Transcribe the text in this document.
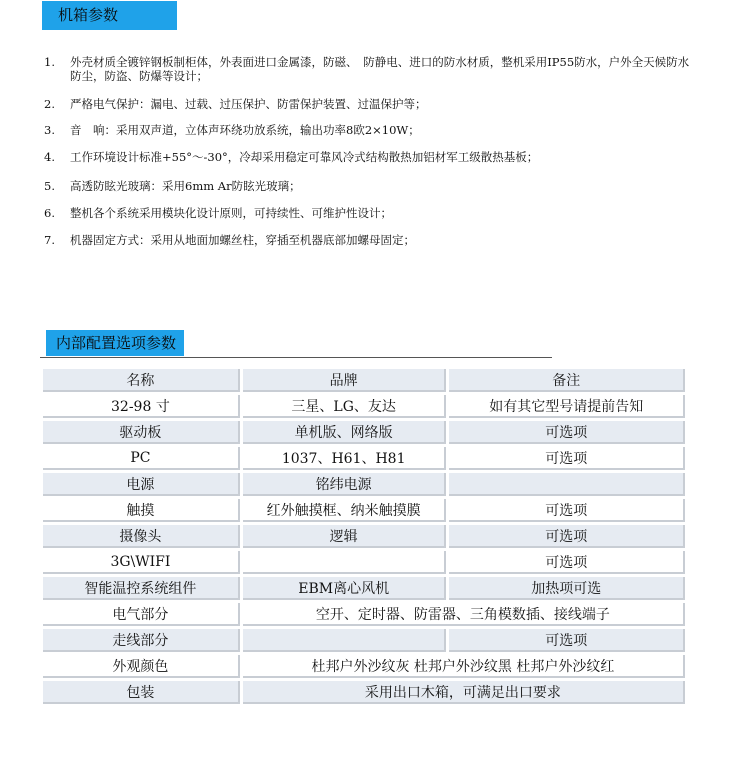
机箱参数
1.	外壳材质全镀锌钢板制柜体，外表面进口金属漆，防磁、　防静电、进口的防水材质，整机采用IP55防水，户外全天候防水防尘，防盗、防爆等设计；
2.	严格电气保护：漏电、过载、过压保护、防雷保护装置、过温保护等；
3.	音　响：采用双声道，立体声环绕功放系统，输出功率8欧2×10W；
4.	工作环境设计标准+55°～-30°，冷却采用稳定可靠风冷式结构散热加铝材军工级散热基板；
5.	高透防眩光玻璃：采用6mm Ar防眩光玻璃；
6.	整机各个系统采用模块化设计原则，可持续性、可维护性设计；
7.	机器固定方式：采用从地面加螺丝柱，穿插至机器底部加螺母固定；
内部配置选项参数
名称	品牌	备注
32-98 寸	三星、LG、友达	如有其它型号请提前告知
驱动板	单机版、网络版	可选项
PC	1037、H61、H81	可选项
电源	铭纬电源	
触摸	红外触摸框、纳米触摸膜	可选项
摄像头	逻辑	可选项
3G\WIFI		可选项
智能温控系统组件	EBM离心风机	加热项可选
电气部分	空开、定时器、防雷器、三角模数插、接线端子	
走线部分		可选项
外观颜色	杜邦户外沙纹灰 杜邦户外沙纹黑 杜邦户外沙纹红	
包装	采用出口木箱，可满足出口要求	
